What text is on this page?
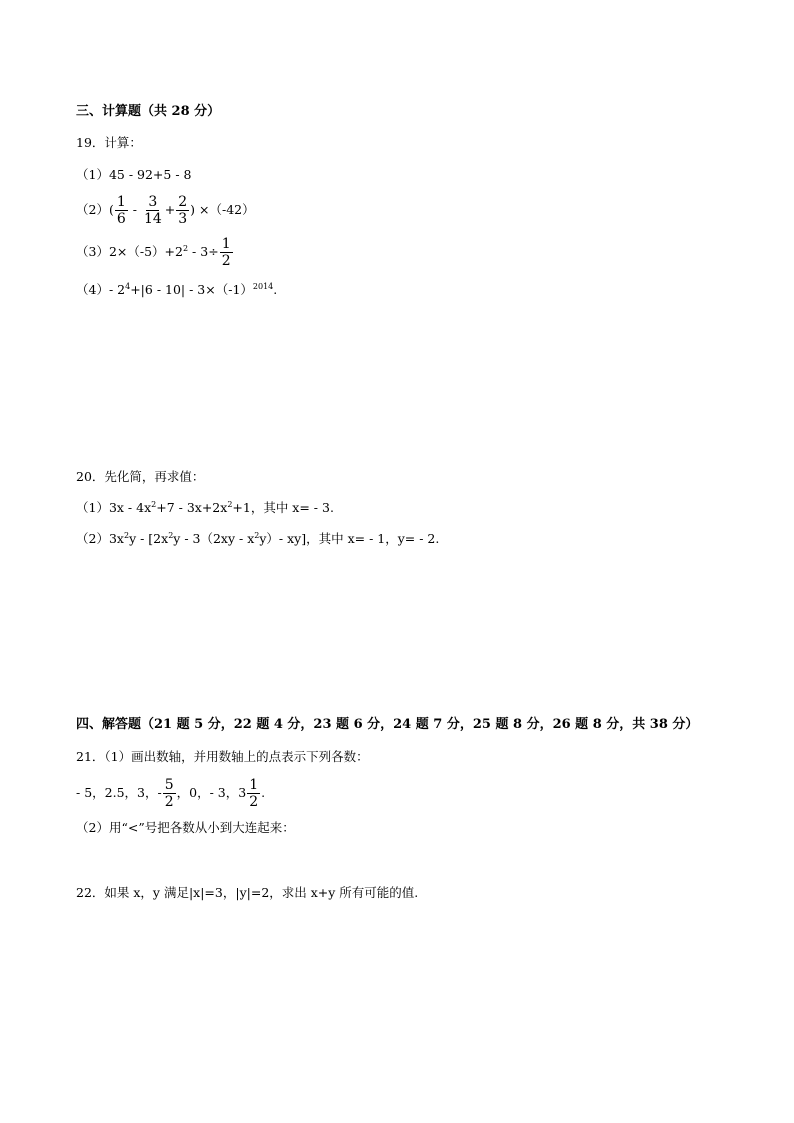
三、计算题（共 28 分）
19．计算：
（1）45 ‐ 92+5 ‐ 8
$(2)( \frac{1}{6}$ ‐ $\frac{3}{14} + \frac{2}{3}$ ) ×（‐42）
$(3)2\times(‐5)+2^2$ ‐ $3\div \frac{1}{2}$
（4）‐ $2^4+|6$ ‐ 10| ‐ 3×（‐1）$^{2014}$.
20．先化简，再求值：
（1）3x ‐ $4x^2+7$ ‐ $3x+2x^2+1$，其中 x= ‐ 3.
$(2)3x^2y$ ‐ [$2x^2y$ ‐ 3（2xy ‐ $x^2y)‐$ xy]，其中 x= ‐ 1，y= ‐ 2.
四、解答题（21 题 5 分，22 题 4 分，23 题 6 分，24 题 7 分，25 题 8 分，26 题 8 分，共 38 分）
21．（1）画出数轴，并用数轴上的点表示下列各数：
‐ 5，2.5，3，‐ $\frac{5}{2}$ ，0，‐ 3，$3 \frac{1}{2}$ .
（2）用“<”号把各数从小到大连起来：
22．如果 x，y 满足|x|=3，|y|=2，求出 x+y 所有可能的值.
